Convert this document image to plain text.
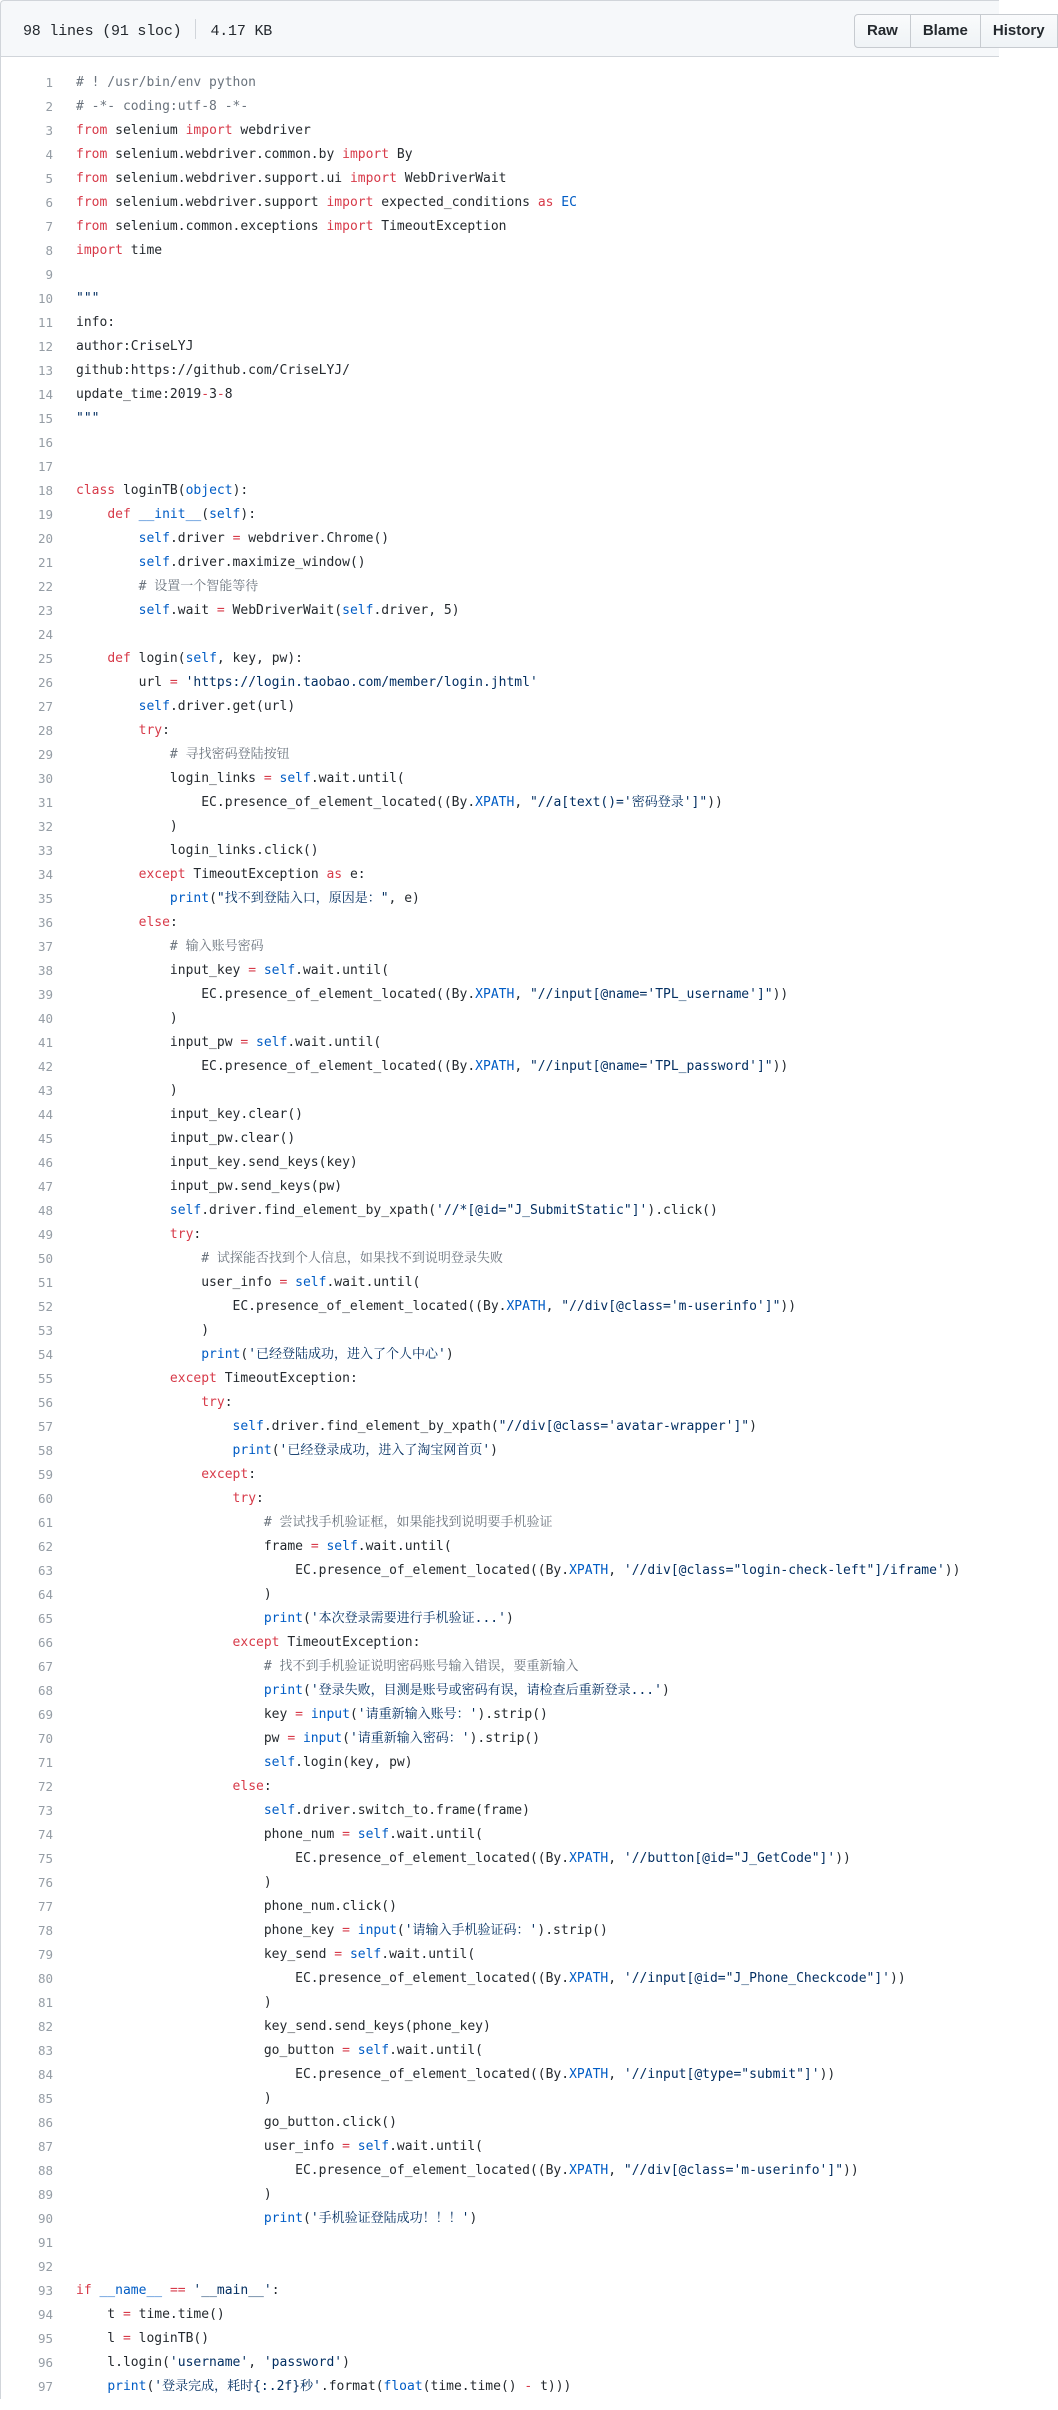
98 lines (91 sloc) 4.17 KB	Raw	Blame	History
1	# ! /usr/bin/env python
2	# -*- coding:utf-8 -*-
3	from selenium import webdriver
4	from selenium.webdriver.common.by import By
5	from selenium.webdriver.support.ui import WebDriverWait
6	from selenium.webdriver.support import expected_conditions as EC
7	from selenium.common.exceptions import TimeoutException
8	import time
9
10	"""
11	info:
12	author:CriseLYJ
13	github:https://github.com/CriseLYJ/
14	update_time:2019-3-8
15	"""
16
17
18	class loginTB(object):
19	def __init__(self):
20	self.driver = webdriver.Chrome()
21	self.driver.maximize_window()
22	# 设置一个智能等待
23	self.wait = WebDriverWait(self.driver, 5)
24
25	def login(self, key, pw):
26	url = 'https://login.taobao.com/member/login.jhtml'
27	self.driver.get(url)
28	try:
29	# 寻找密码登陆按钮
30	login_links = self.wait.until(
31	EC.presence_of_element_located((By.XPATH, "//a[text()='密码登录']"))
32	)
33	login_links.click()
34	except TimeoutException as e:
35	print("找不到登陆入口，原因是：", e)
36	else:
37	# 输入账号密码
38	input_key = self.wait.until(
39	EC.presence_of_element_located((By.XPATH, "//input[@name='TPL_username']"))
40	)
41	input_pw = self.wait.until(
42	EC.presence_of_element_located((By.XPATH, "//input[@name='TPL_password']"))
43	)
44	input_key.clear()
45	input_pw.clear()
46	input_key.send_keys(key)
47	input_pw.send_keys(pw)
48	self.driver.find_element_by_xpath('//*[@id="J_SubmitStatic"]').click()
49	try:
50	# 试探能否找到个人信息，如果找不到说明登录失败
51	user_info = self.wait.until(
52	EC.presence_of_element_located((By.XPATH, "//div[@class='m-userinfo']"))
53	)
54	print('已经登陆成功，进入了个人中心')
55	except TimeoutException:
56	try:
57	self.driver.find_element_by_xpath("//div[@class='avatar-wrapper']")
58	print('已经登录成功，进入了淘宝网首页')
59	except:
60	try:
61	# 尝试找手机验证框，如果能找到说明要手机验证
62	frame = self.wait.until(
63	EC.presence_of_element_located((By.XPATH, '//div[@class="login-check-left"]/iframe'))
64	)
65	print('本次登录需要进行手机验证...')
66	except TimeoutException:
67	# 找不到手机验证说明密码账号输入错误，要重新输入
68	print('登录失败，目测是账号或密码有误，请检查后重新登录...')
69	key = input('请重新输入账号：').strip()
70	pw = input('请重新输入密码：').strip()
71	self.login(key, pw)
72	else:
73	self.driver.switch_to.frame(frame)
74	phone_num = self.wait.until(
75	EC.presence_of_element_located((By.XPATH, '//button[@id="J_GetCode"]'))
76	)
77	phone_num.click()
78	phone_key = input('请输入手机验证码：').strip()
79	key_send = self.wait.until(
80	EC.presence_of_element_located((By.XPATH, '//input[@id="J_Phone_Checkcode"]'))
81	)
82	key_send.send_keys(phone_key)
83	go_button = self.wait.until(
84	EC.presence_of_element_located((By.XPATH, '//input[@type="submit"]'))
85	)
86	go_button.click()
87	user_info = self.wait.until(
88	EC.presence_of_element_located((By.XPATH, "//div[@class='m-userinfo']"))
89	)
90	print('手机验证登陆成功！！！')
91
92
93	if __name__ == '__main__':
94	t = time.time()
95	l = loginTB()
96	l.login('username', 'password')
97	print('登录完成，耗时{:.2f}秒'.format(float(time.time() - t)))
